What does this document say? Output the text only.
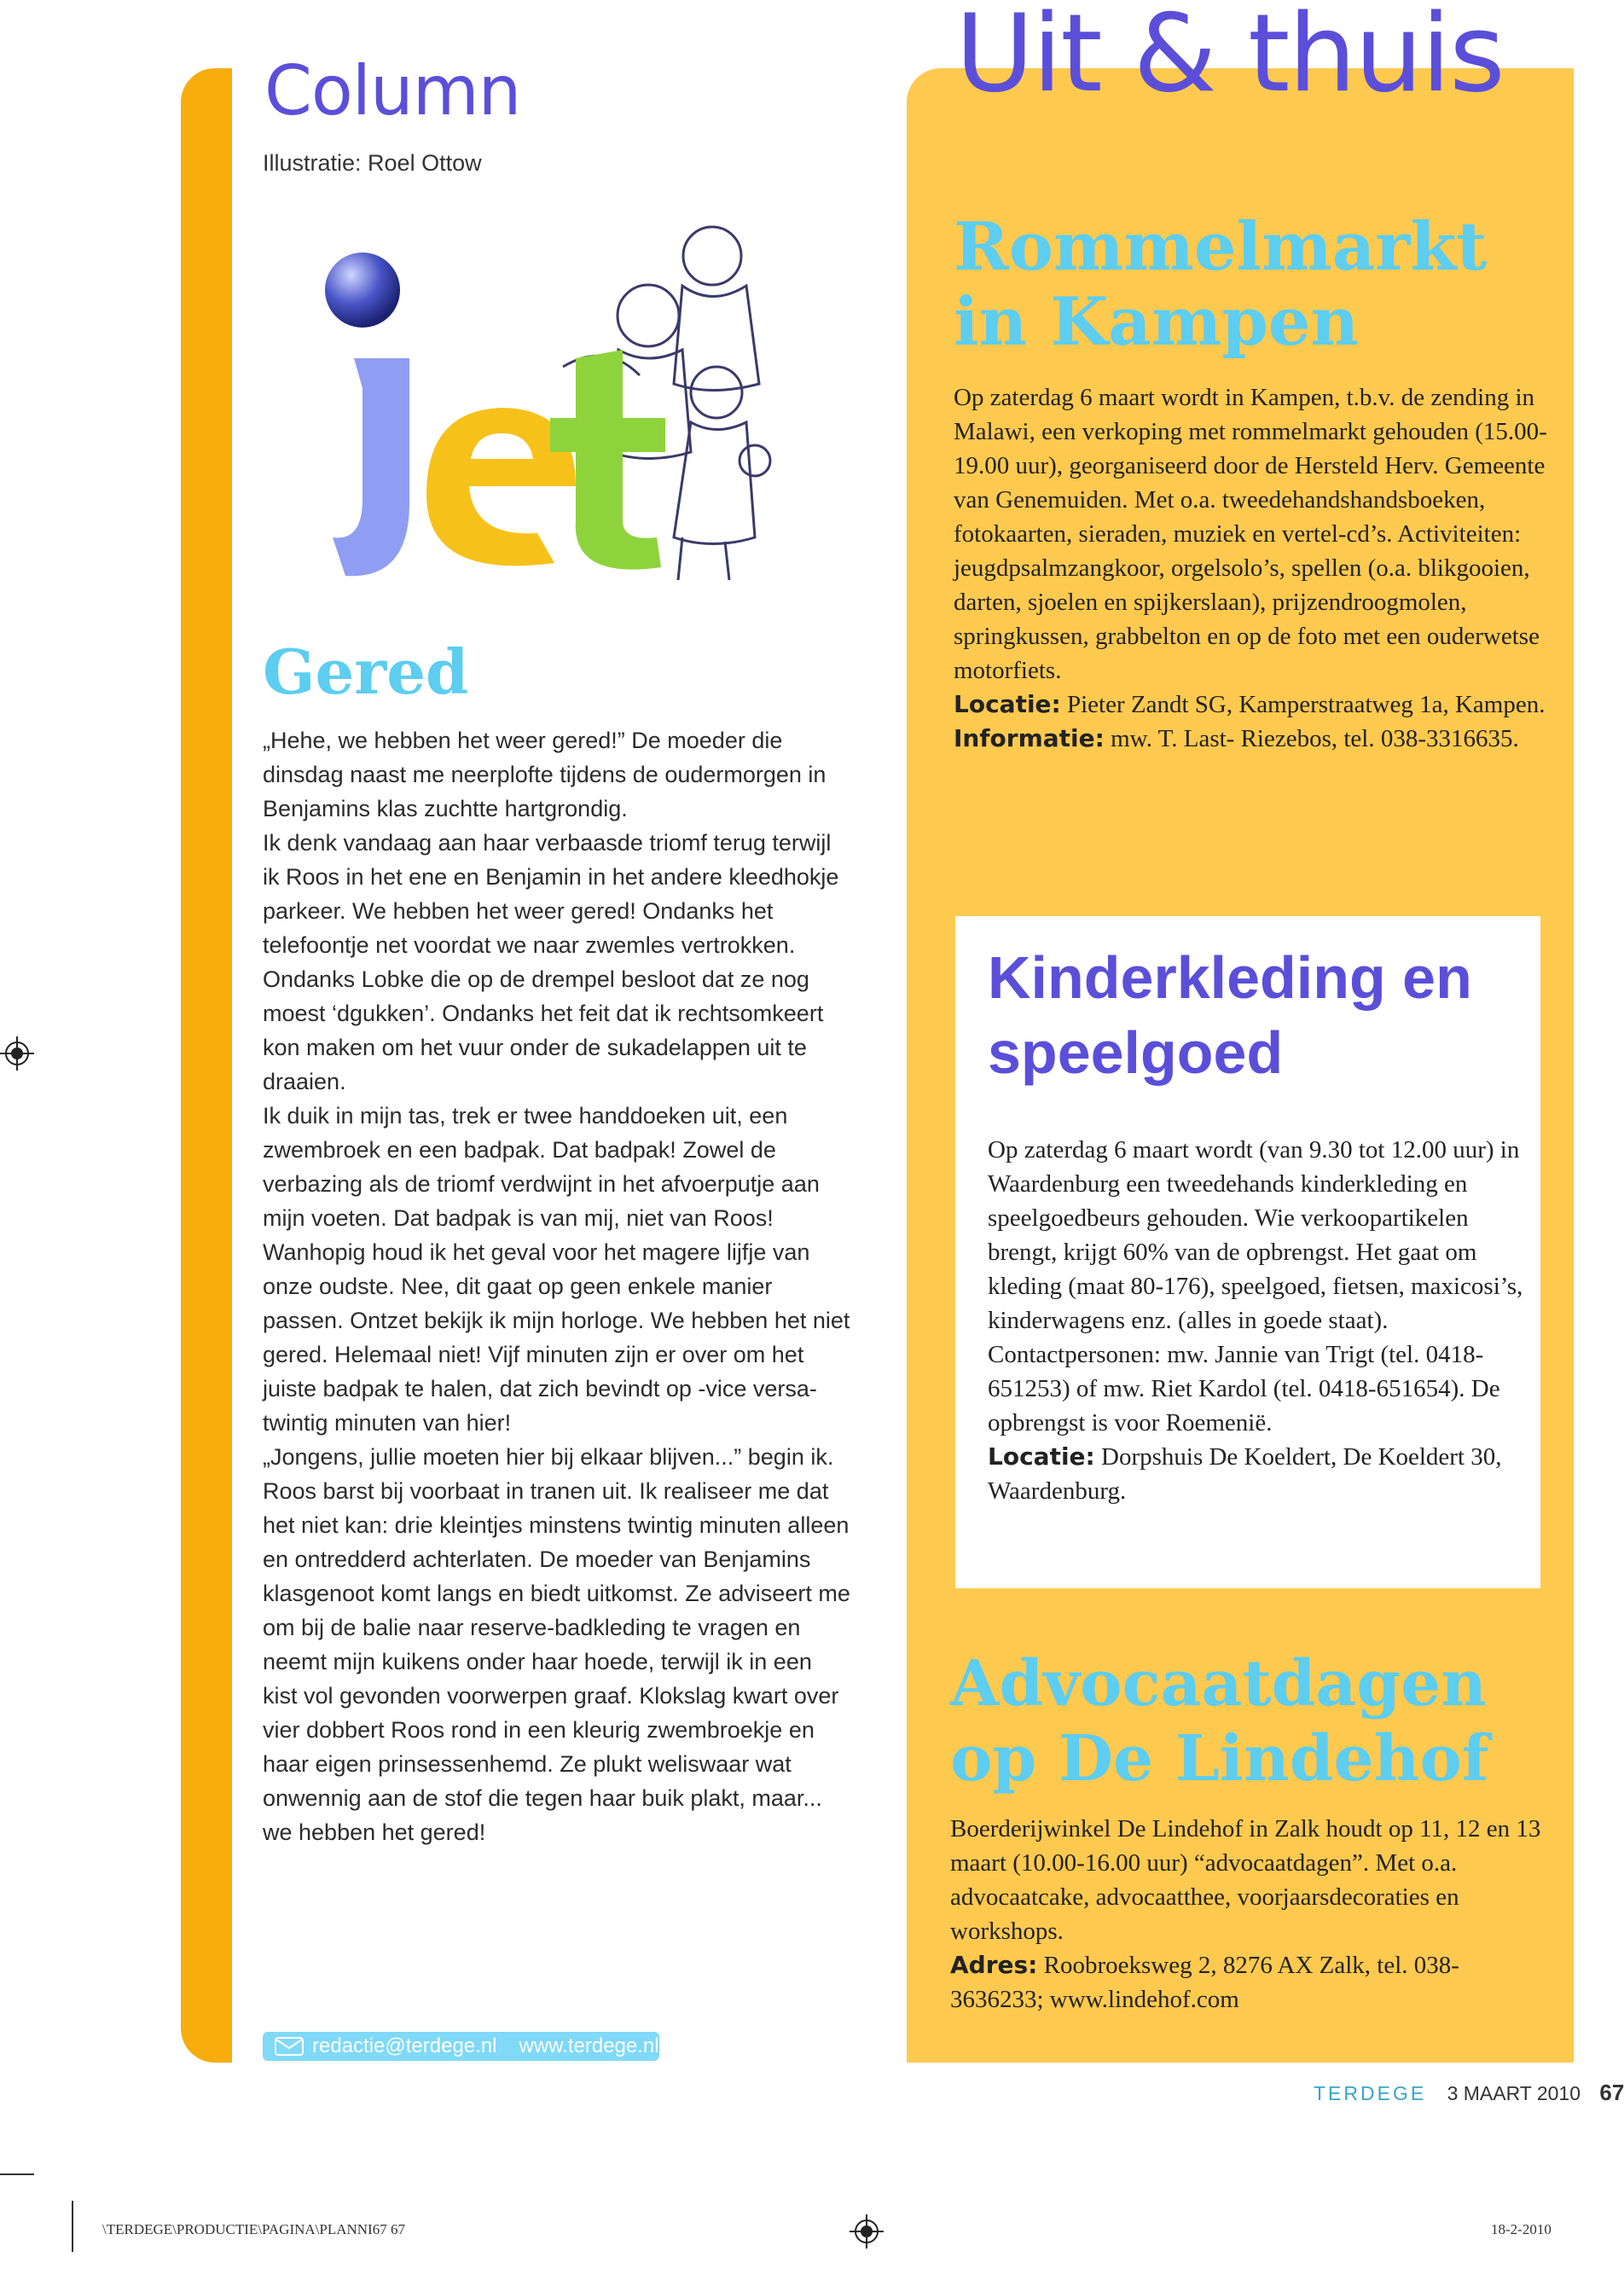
Column
Illustratie: Roel Ottow
Gered

„Hehe, we hebben het weer gered!” De moeder die dinsdag naast me neerplofte tijdens de oudermorgen in Benjamins klas zuchtte hartgrondig.

Ik denk vandaag aan haar verbaasde triomf terug terwijl ik Roos in het ene en Benjamin in het andere kleedhokje parkeer. We hebben het weer gered! Ondanks het telefoontje net voordat we naar zwemles vertrokken. Ondanks Lobke die op de drempel besloot dat ze nog moest ‘dgukken’. Ondanks het feit dat ik rechtsomkeert kon maken om het vuur onder de sukadelappen uit te draaien.

Ik duik in mijn tas, trek er twee handdoeken uit, een zwembroek en een badpak. Dat badpak! Zowel de verbazing als de triomf verdwijnt in het afvoerputje aan mijn voeten. Dat badpak is van mij, niet van Roos! Wanhopig houd ik het geval voor het magere lijfje van onze oudste. Nee, dit gaat op geen enkele manier passen. Ontzet bekijk ik mijn horloge. We hebben het niet gered. Helemaal niet! Vijf minuten zijn er over om het juiste badpak te halen, dat zich bevindt op -vice versa- twintig minuten van hier!

„Jongens, jullie moeten hier bij elkaar blijven...” begin ik. Roos barst bij voorbaat in tranen uit. Ik realiseer me dat het niet kan: drie kleintjes minstens twintig minuten alleen en ontredderd achterlaten. De moeder van Benjamins klasgenoot komt langs en biedt uitkomst. Ze adviseert me om bij de balie naar reserve-badkleding te vragen en neemt mijn kuikens onder haar hoede, terwijl ik in een kist vol gevonden voorwerpen graaf. Klokslag kwart over vier dobbert Roos rond in een kleurig zwembroekje en haar eigen prinsessenhemd. Ze plukt weliswaar wat onwennig aan de stof die tegen haar buik plakt, maar... we hebben het gered!

redactie@terdege.nl www.terdege.nl
Uit & thuis
Rommelmarkt in Kampen
Op zaterdag 6 maart wordt in Kampen, t.b.v. de zending in Malawi, een verkoping met rommelmarkt gehouden (15.00-19.00 uur), georganiseerd door de Hersteld Herv. Gemeente van Genemuiden. Met o.a. tweedehandshandsboeken, fotokaarten, sieraden, muziek en vertel-cd’s. Activiteiten: jeugdpsalmzangkoor, orgelsolo’s, spellen (o.a. blikgooien, darten, sjoelen en spijkerslaan), prijzendroogmolen, springkussen, grabbelton en op de foto met een ouderwetse motorfiets.
Locatie: Pieter Zandt SG, Kamperstraatweg 1a, Kampen.
Informatie: mw. T. Last- Riezebos, tel. 038-3316635.
Kinderkleding en speelgoed
Op zaterdag 6 maart wordt (van 9.30 tot 12.00 uur) in Waardenburg een tweedehands kinderkleding en speelgoedbeurs gehouden. Wie verkoopartikelen brengt, krijgt 60% van de opbrengst. Het gaat om kleding (maat 80-176), speelgoed, fietsen, maxicosi’s, kinderwagens enz. (alles in goede staat). Contactpersonen: mw. Jannie van Trigt (tel. 0418-651253) of mw. Riet Kardol (tel. 0418-651654). De opbrengst is voor Roemenië.
Locatie: Dorpshuis De Koeldert, De Koeldert 30, Waardenburg.
Advocaatdagen op De Lindehof
Boerderijwinkel De Lindehof in Zalk houdt op 11, 12 en 13 maart (10.00-16.00 uur) “advocaatdagen”. Met o.a. advocaatcake, advocaatthee, voorjaarsdecoraties en workshops.
Adres: Roobroeksweg 2, 8276 AX Zalk, tel. 038-3636233; www.lindehof.com
TERDEGE 3 MAART 2010 67
\TERDEGE\PRODUCTIE\PAGINA\PLANNI67 67	18-2-2010
